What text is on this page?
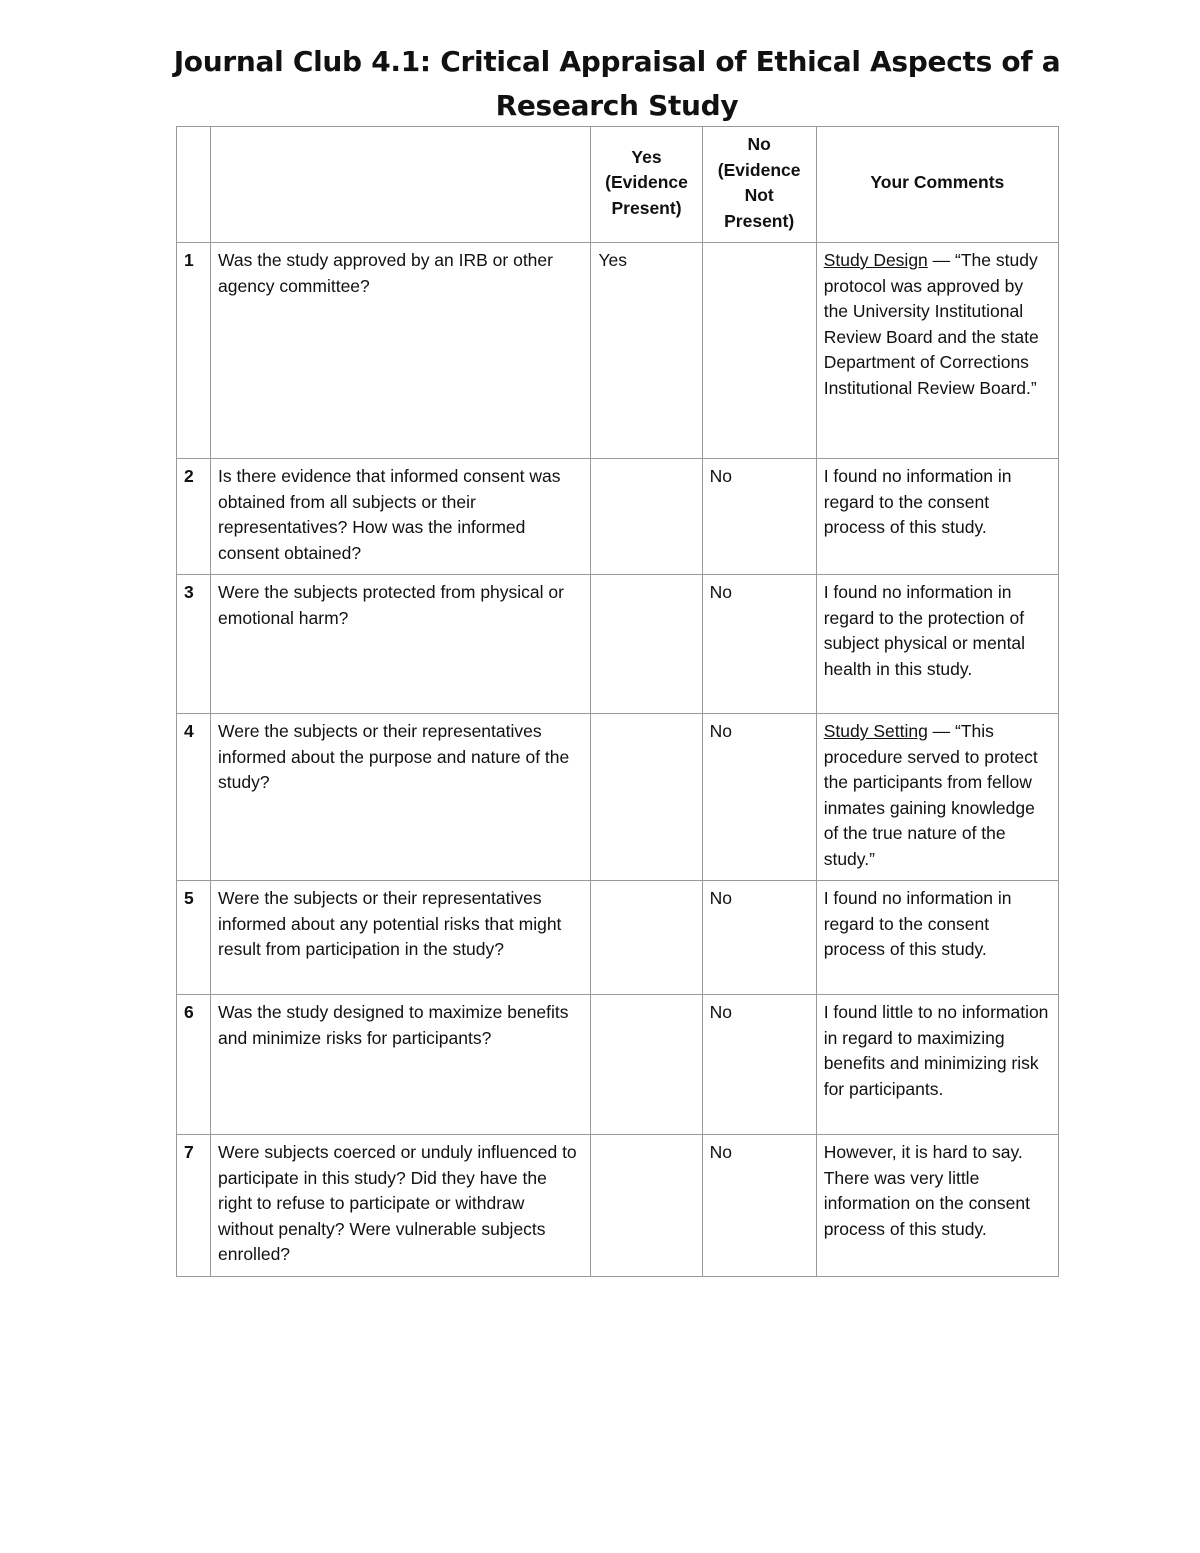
Journal Club 4.1: Critical Appraisal of Ethical Aspects of a Research Study
		Yes (Evidence Present)	No (Evidence Not Present)	Your Comments
1	Was the study approved by an IRB or other agency committee?	Yes		Study Design — “The study protocol was approved by the University Institutional Review Board and the state Department of Corrections Institutional Review Board.”
2	Is there evidence that informed consent was obtained from all subjects or their representatives? How was the informed consent obtained?		No	I found no information in regard to the consent process of this study.
3	Were the subjects protected from physical or emotional harm?		No	I found no information in regard to the protection of subject physical or mental health in this study.
4	Were the subjects or their representatives informed about the purpose and nature of the study?		No	Study Setting — “This procedure served to protect the participants from fellow inmates gaining knowledge of the true nature of the study.”
5	Were the subjects or their representatives informed about any potential risks that might result from participation in the study?		No	I found no information in regard to the consent process of this study.
6	Was the study designed to maximize benefits and minimize risks for participants?		No	I found little to no information in regard to maximizing benefits and minimizing risk for participants.
7	Were subjects coerced or unduly influenced to participate in this study? Did they have the right to refuse to participate or withdraw without penalty? Were vulnerable subjects enrolled?		No	However, it is hard to say. There was very little information on the consent process of this study.
